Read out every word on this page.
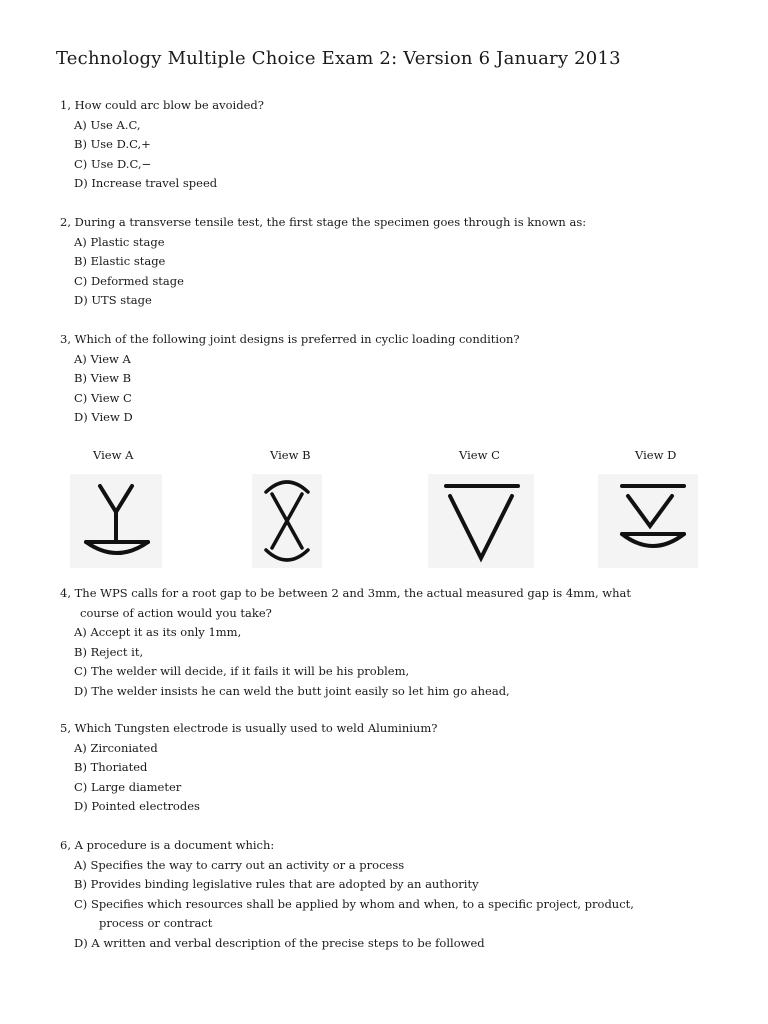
Technology Multiple Choice Exam 2: Version 6 January 2013
1, How could arc blow be avoided?
A) Use A.C,
B) Use D.C,+
C) Use D.C,−
D) Increase travel speed
2, During a transverse tensile test, the first stage the specimen goes through is known as:
A) Plastic stage
B) Elastic stage
C) Deformed stage
D) UTS stage
3, Which of the following joint designs is preferred in cyclic loading condition?
A) View A
B) View B
C) View C
D) View D
View A	View B	View C	View D
4, The WPS calls for a root gap to be between 2 and 3mm, the actual measured gap is 4mm, what
course of action would you take?
A) Accept it as its only 1mm,
B) Reject it,
C) The welder will decide, if it fails it will be his problem,
D) The welder insists he can weld the butt joint easily so let him go ahead,
5, Which Tungsten electrode is usually used to weld Aluminium?
A) Zirconiated
B) Thoriated
C) Large diameter
D) Pointed electrodes
6, A procedure is a document which:
A) Specifies the way to carry out an activity or a process
B) Provides binding legislative rules that are adopted by an authority
C) Specifies which resources shall be applied by whom and when, to a specific project, product,
process or contract
D) A written and verbal description of the precise steps to be followed
